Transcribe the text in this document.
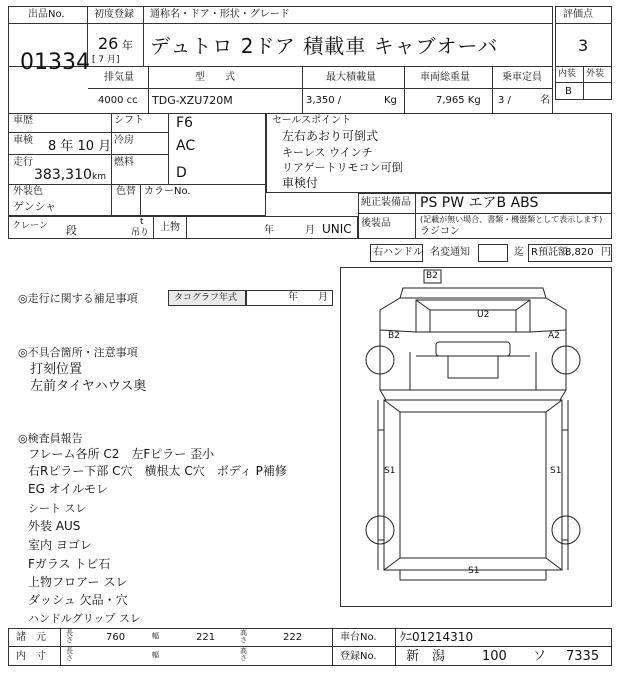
出品No.
01334
初度登録
26 年
[ 7 月]
通称名・ドア・形状・グレード
デュトロ 2ドア 積載車 キャブオーバ
評価点
3
内装 外装
B
排気量
4000 cc
型　　式
TDG-XZU720M
最大積載量
3,350 /	Kg
車両総重量
7,965 Kg
乗車定員
3 /	名
車歴	シフト F6
車検 8 年 10 月 冷房	AC
走行
383,310 km
燃料
D
外装色
ゲンシャ
色替 カラーNo.
セールスポイント
左右あおり可倒式
キーレス ウインチ
リアゲートリモコン可倒
車検付
純正装備品 PS PW エアB ABS
後装品	(記載が無い場合、書類・機器類として表示します)
ラジコン
クレーン 段
t
吊り 上物	年	月 UNIC
右ハンドル 名変通知	迄 R預託額
8,820 円
◎走行に関する補足事項	タコグラフ年式	年 月
◎不具合箇所・注意事項
打刻位置
左前タイヤハウス奥
◎検査員報告
フレーム各所 C2　左Fピラー 歪小
右Rピラー下部 C穴　横根太 C穴　ボディ P補修
EG オイルモレ
シート スレ
外装 AUS
室内 ヨゴレ
Fガラス トビ石
上物フロアー スレ
ダッシュ 欠品・穴
ハンドルグリップ スレ
B2
U2
B2	A2
S1	S1
S1
諸　元	長さ	760	幅	221	高さ	222
内　寸	長さ	幅	高さ
車台No. ｸﾆ01214310
登録No. 新　潟	100 ソ 7335
